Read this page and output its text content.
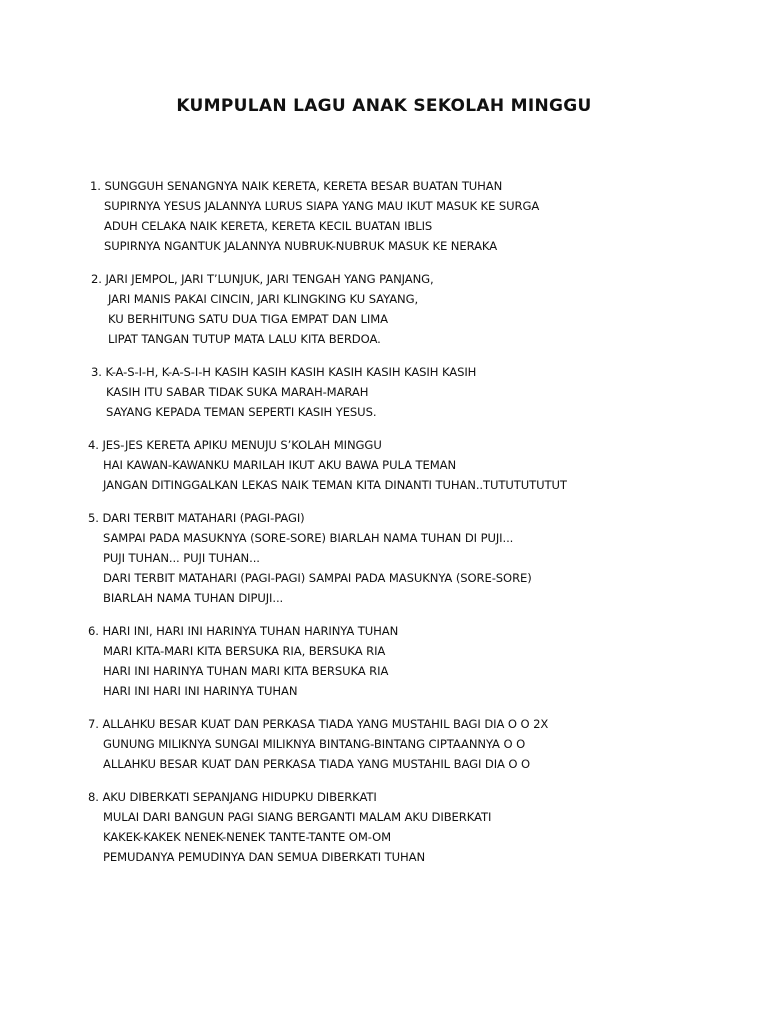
KUMPULAN LAGU ANAK SEKOLAH MINGGU
1. SUNGGUH SENANGNYA NAIK KERETA, KERETA BESAR BUATAN TUHAN
SUPIRNYA YESUS JALANNYA LURUS SIAPA YANG MAU IKUT MASUK KE SURGA
ADUH CELAKA NAIK KERETA, KERETA KECIL BUATAN IBLIS
SUPIRNYA NGANTUK JALANNYA NUBRUK-NUBRUK MASUK KE NERAKA
2. JARI JEMPOL, JARI T’LUNJUK, JARI TENGAH YANG PANJANG,
JARI MANIS PAKAI CINCIN, JARI KLINGKING KU SAYANG,
KU BERHITUNG SATU DUA TIGA EMPAT DAN LIMA
LIPAT TANGAN TUTUP MATA LALU KITA BERDOA.
3. K-A-S-I-H, K-A-S-I-H KASIH KASIH KASIH KASIH KASIH KASIH KASIH
KASIH ITU SABAR TIDAK SUKA MARAH-MARAH
SAYANG KEPADA TEMAN SEPERTI KASIH YESUS.
4. JES-JES KERETA APIKU MENUJU S’KOLAH MINGGU
HAI KAWAN-KAWANKU MARILAH IKUT AKU BAWA PULA TEMAN
JANGAN DITINGGALKAN LEKAS NAIK TEMAN KITA DINANTI TUHAN..TUTUTUTUTUT
5. DARI TERBIT MATAHARI (PAGI-PAGI)
SAMPAI PADA MASUKNYA (SORE-SORE) BIARLAH NAMA TUHAN DI PUJI...
PUJI TUHAN... PUJI TUHAN...
DARI TERBIT MATAHARI (PAGI-PAGI) SAMPAI PADA MASUKNYA (SORE-SORE)
BIARLAH NAMA TUHAN DIPUJI...
6. HARI INI, HARI INI HARINYA TUHAN HARINYA TUHAN
MARI KITA-MARI KITA BERSUKA RIA, BERSUKA RIA
HARI INI HARINYA TUHAN MARI KITA BERSUKA RIA
HARI INI HARI INI HARINYA TUHAN
7. ALLAHKU BESAR KUAT DAN PERKASA TIADA YANG MUSTAHIL BAGI DIA O O 2X
GUNUNG MILIKNYA SUNGAI MILIKNYA BINTANG-BINTANG CIPTAANNYA O O
ALLAHKU BESAR KUAT DAN PERKASA TIADA YANG MUSTAHIL BAGI DIA O O
8. AKU DIBERKATI SEPANJANG HIDUPKU DIBERKATI
MULAI DARI BANGUN PAGI SIANG BERGANTI MALAM AKU DIBERKATI
KAKEK-KAKEK NENEK-NENEK TANTE-TANTE OM-OM
PEMUDANYA PEMUDINYA DAN SEMUA DIBERKATI TUHAN
